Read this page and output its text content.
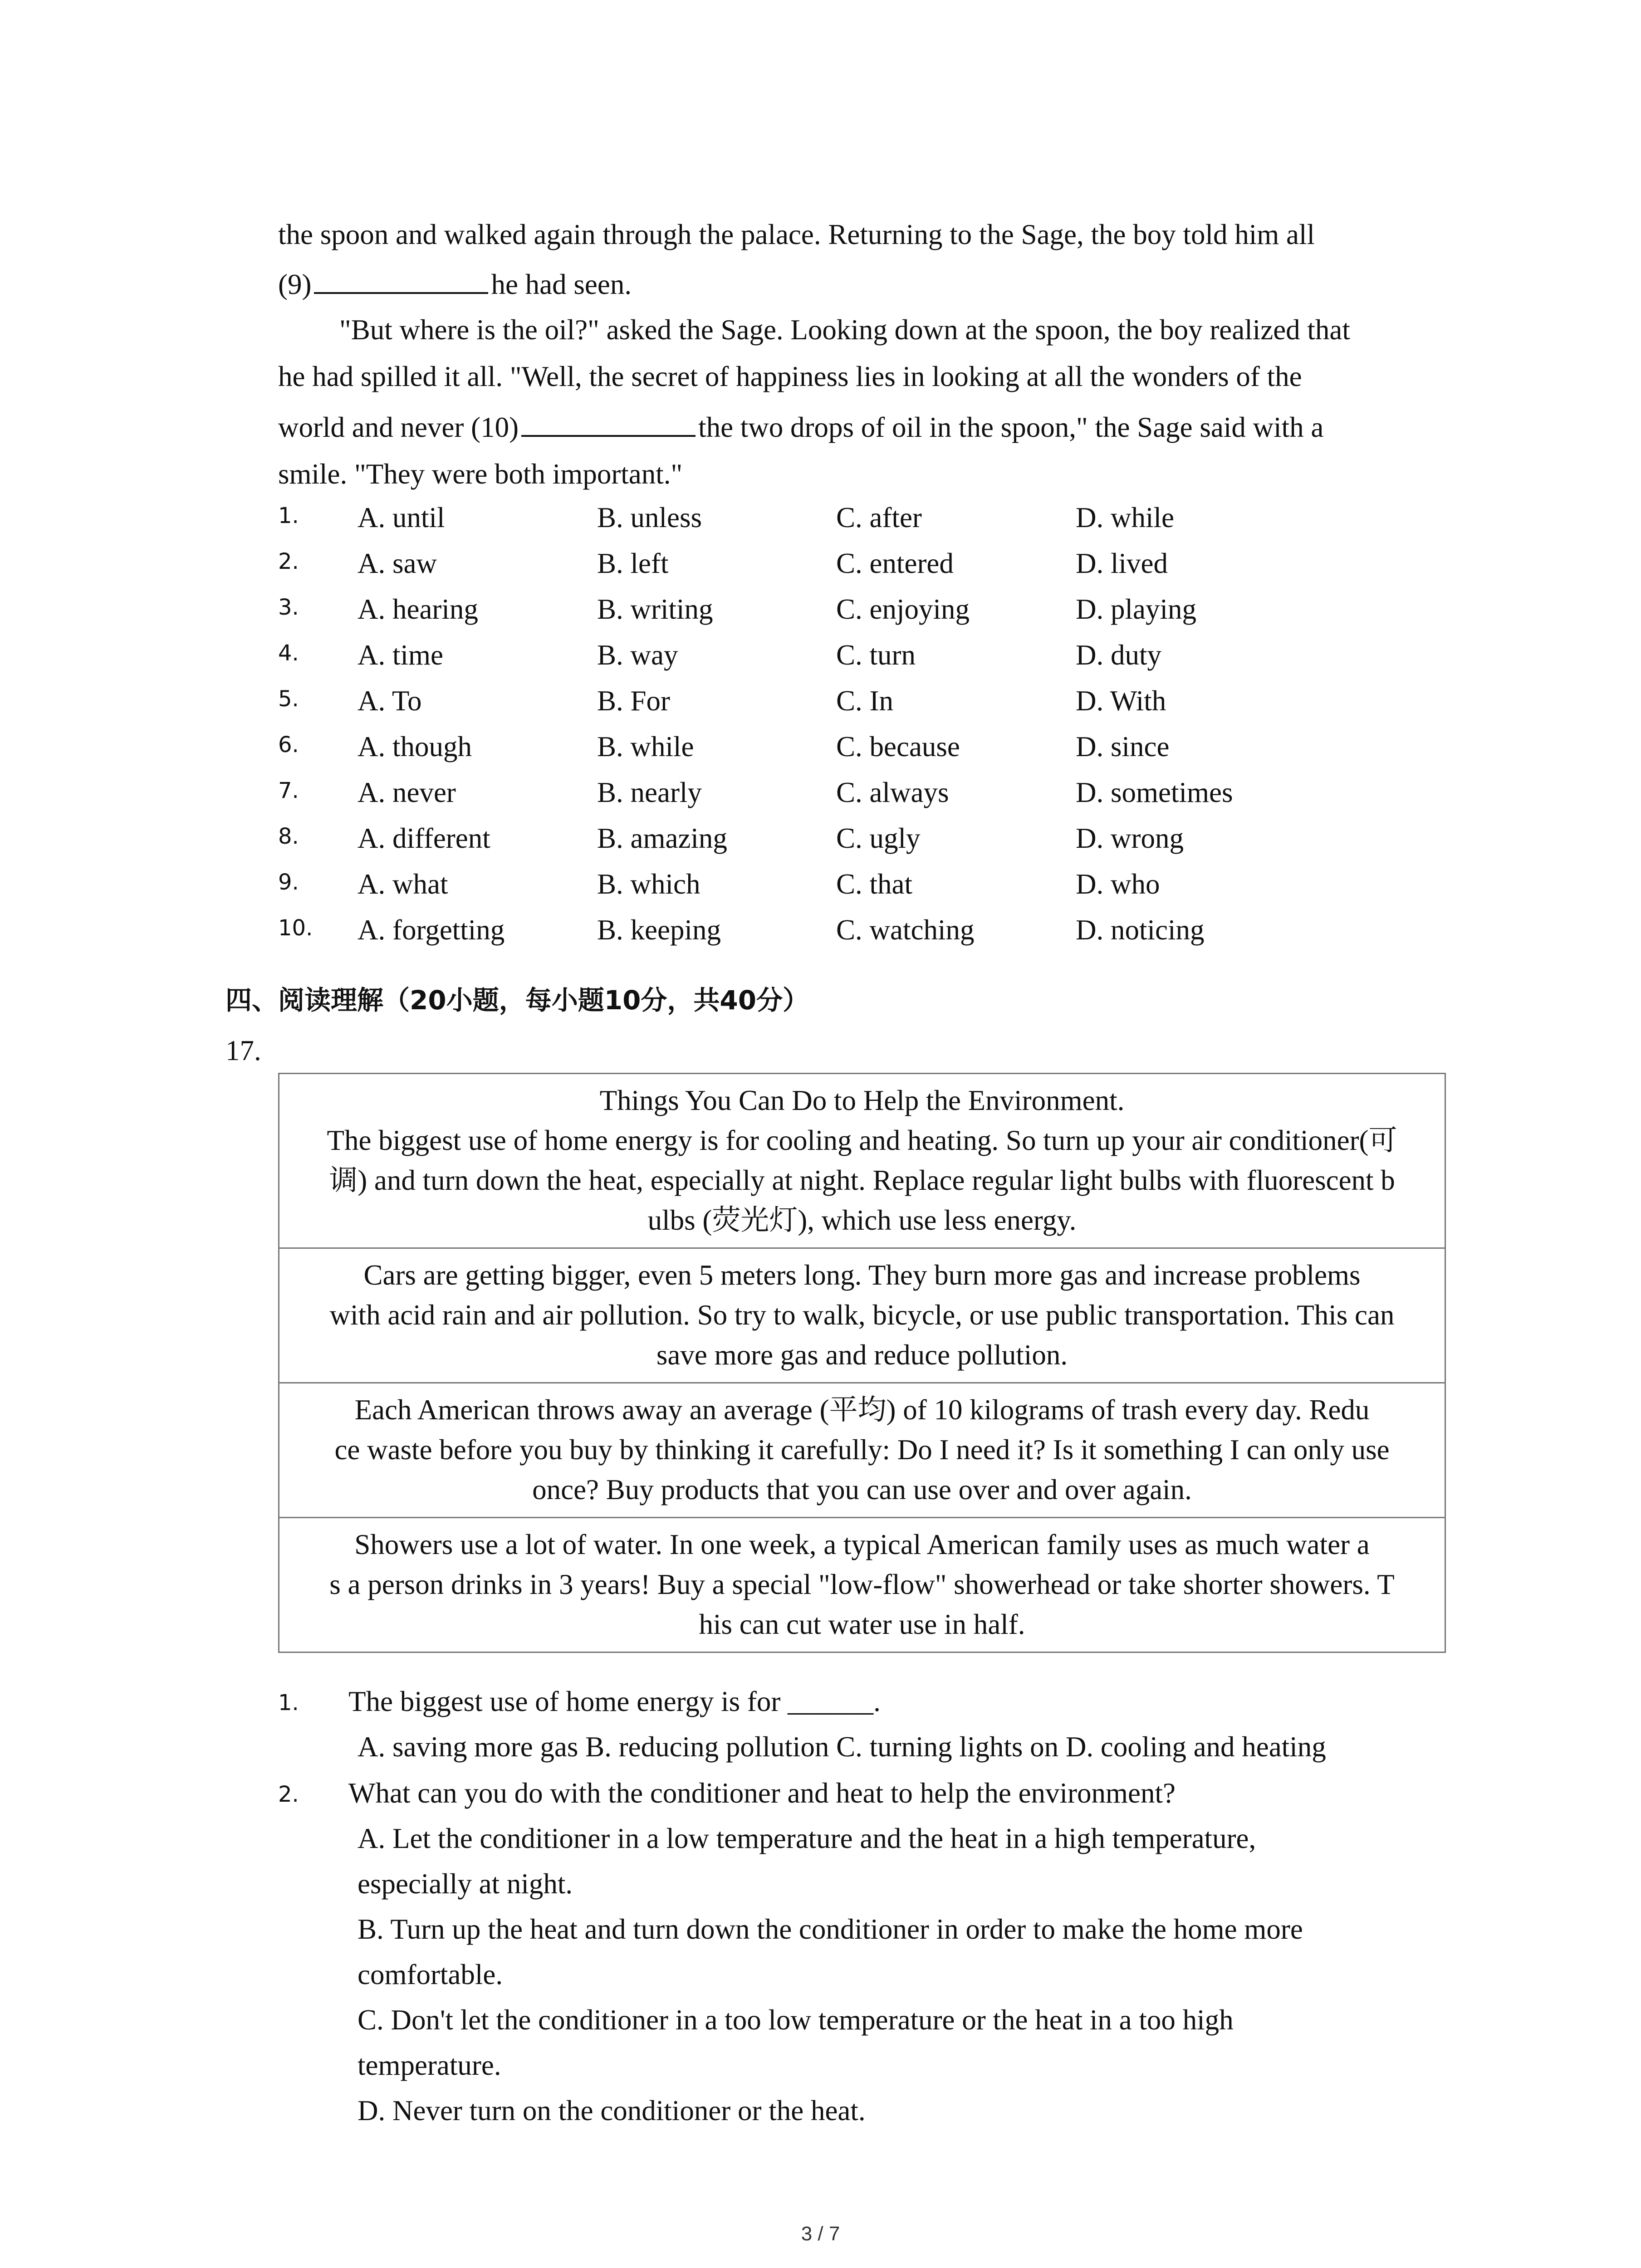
the spoon and walked again through the palace. Returning to the Sage, the boy told him all
(9)	he had seen.
"But where is the oil?" asked the Sage. Looking down at the spoon, the boy realized that
he had spilled it all. "Well, the secret of happiness lies in looking at all the wonders of the
world and never (10)	the two drops of oil in the spoon," the Sage said with a
smile. "They were both important."
1. A. until	B. unless	C. after	D. while
2. A. saw	B. left	C. entered	D. lived
3. A. hearing	B. writing	C. enjoying	D. playing
4. A. time	B. way	C. turn	D. duty
5. A. To	B. For	C. In	D. With
6. A. though	B. while	C. because	D. since
7. A. never	B. nearly	C. always	D. sometimes
8. A. different	B. amazing	C. ugly	D. wrong
9. A. what	B. which	C. that	D. who
10. A. forgetting	B. keeping	C. watching	D. noticing
四、阅读理解（20小题，每小题10分，共40分）
17.
Things You Can Do to Help the Environment.
The biggest use of home energy is for cooling and heating. So turn up your air conditioner(可
调) and turn down the heat, especially at night. Replace regular light bulbs with fluorescent b
ulbs (荧光灯), which use less energy.
Cars are getting bigger, even 5 meters long. They burn more gas and increase problems
with acid rain and air pollution. So try to walk, bicycle, or use public transportation. This can
save more gas and reduce pollution.
Each American throws away an average (平均) of 10 kilograms of trash every day. Redu
ce waste before you buy by thinking it carefully: Do I need it? Is it something I can only use
once? Buy products that you can use over and over again.
Showers use a lot of water. In one week, a typical American family uses as much water a
s a person drinks in 3 years! Buy a special "low-flow" showerhead or take shorter showers. T
his can cut water use in half.
1. The biggest use of home energy is for ______.
A. saving more gas B. reducing pollution C. turning lights on D. cooling and heating
2. What can you do with the conditioner and heat to help the environment?
A. Let the conditioner in a low temperature and the heat in a high temperature,
especially at night.
B. Turn up the heat and turn down the conditioner in order to make the home more
comfortable.
C. Don't let the conditioner in a too low temperature or the heat in a too high
temperature.
D. Never turn on the conditioner or the heat.
3 / 7
